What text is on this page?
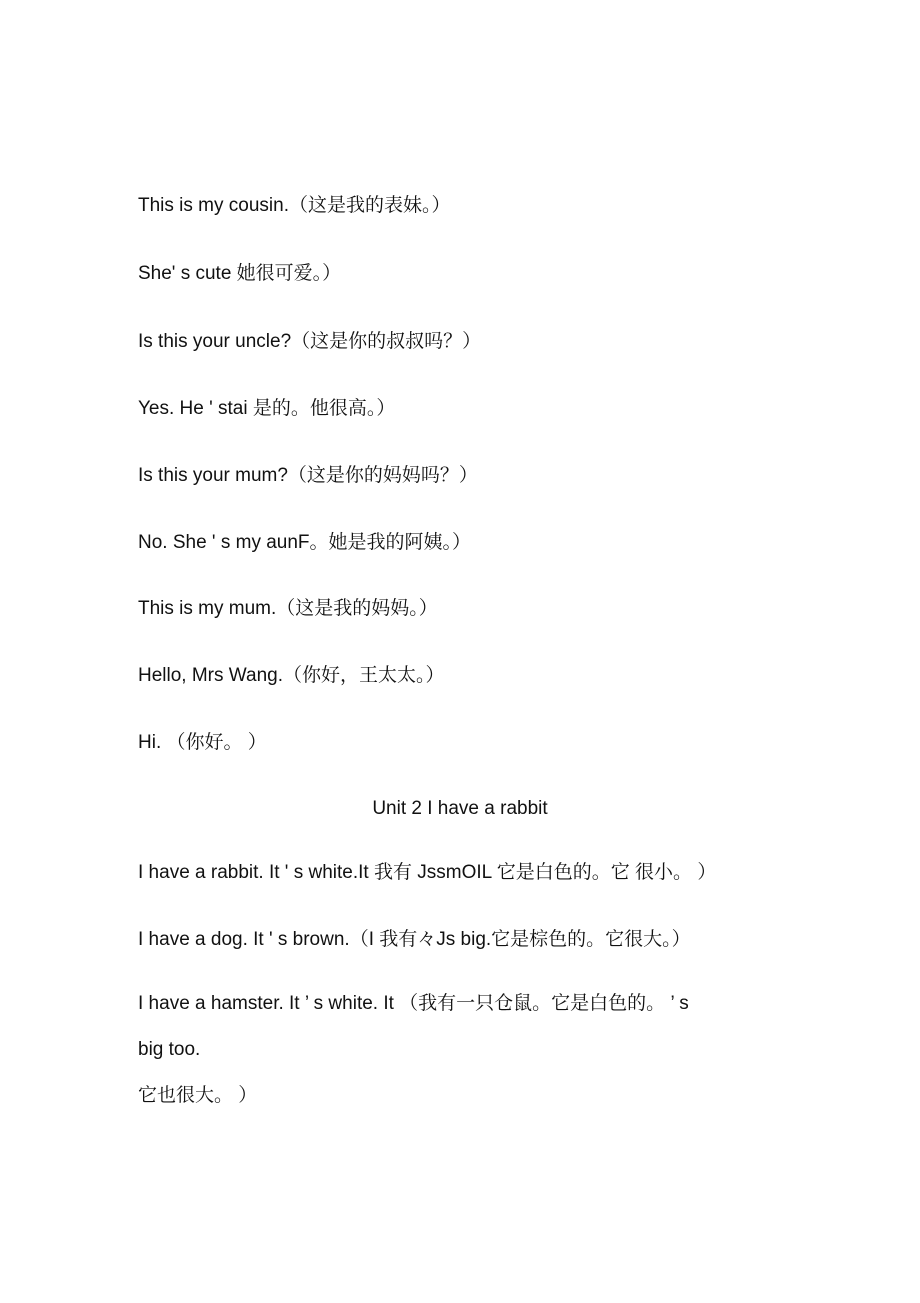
This is my cousin.（这是我的表妹。）
She' s cute 她很可爱。）
Is this your uncle?（这是你的叔叔吗？）
Yes. He ' stai 是的。他很高。）
Is this your mum?（这是你的妈妈吗？）
No. She ' s my aunF。她是我的阿姨。）
This is my mum.（这是我的妈妈。）
Hello, Mrs Wang.（你好，王太太。）
Hi. （你好。 ）
Unit 2 I have a rabbit
I have a rabbit. It ' s white.It 我有 JssmOIL 它是白色的。它 很小。 ）
I have a dog. It ' s brown.（I 我有々Js big.它是棕色的。它很大。）
I have a hamster. It ’ s white. It （我有一只仓鼠。它是白色的。 ’ s
big too.
它也很大。 ）
